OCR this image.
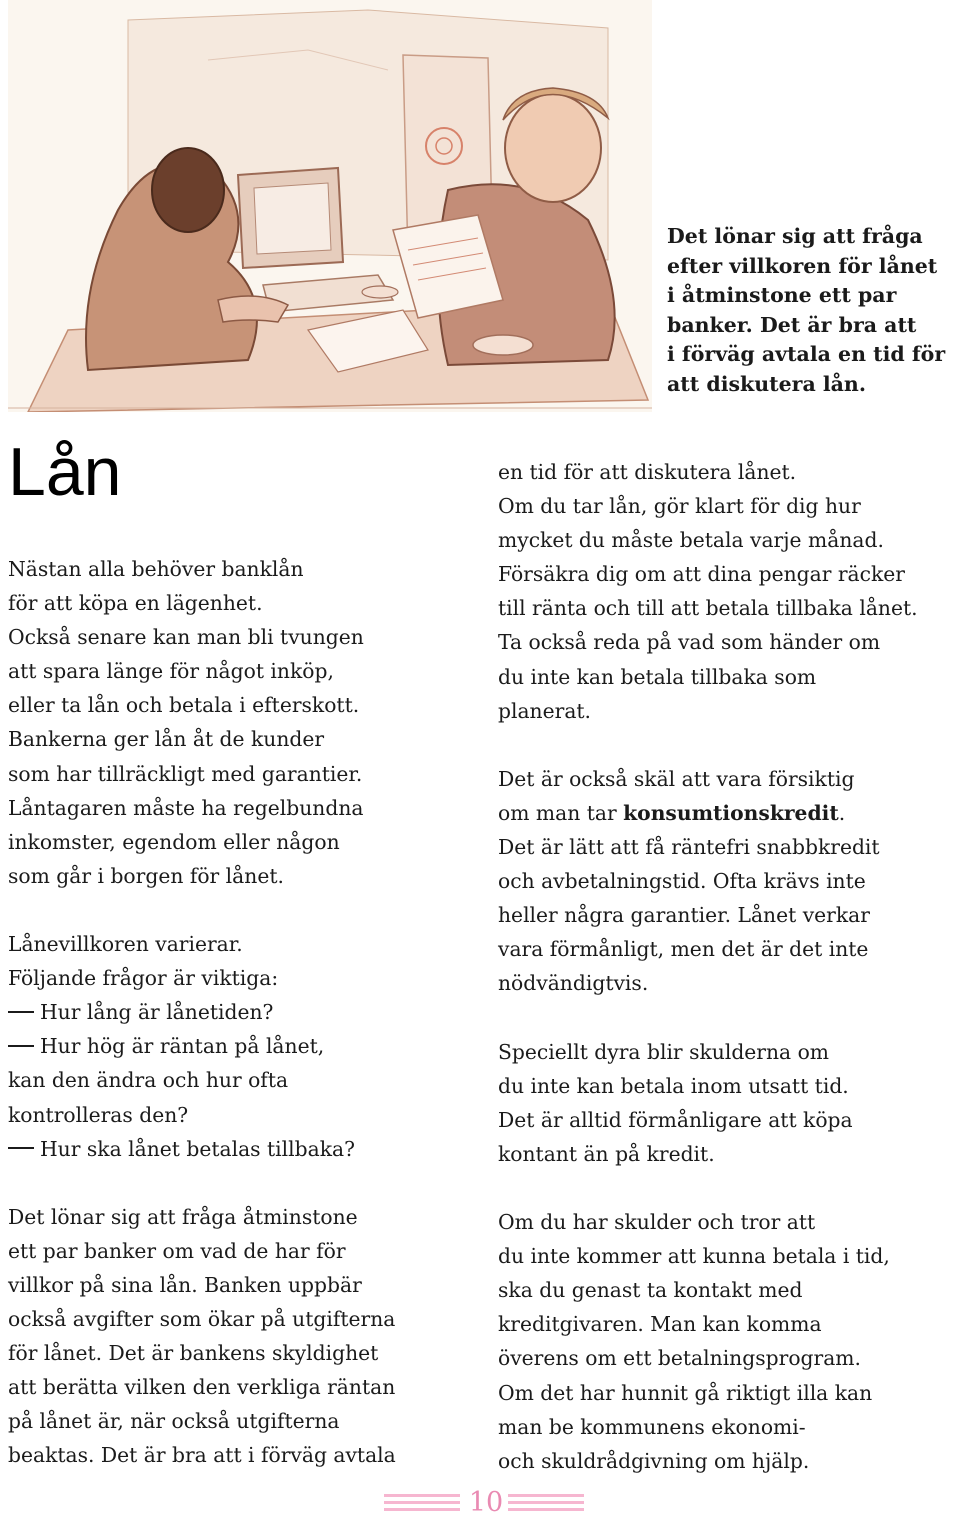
Det lönar sig att fråga
efter villkoren för lånet
i åtminstone ett par
banker. Det är bra att
i förväg avtala en tid för
att diskutera lån.
Lån

Nästan alla behöver banklån
för att köpa en lägenhet.
Också senare kan man bli tvungen
att spara länge för något inköp,
eller ta lån och betala i efterskott.
Bankerna ger lån åt de kunder
som har tillräckligt med garantier.
Låntagaren måste ha regelbundna
inkomster, egendom eller någon
som går i borgen för lånet.

Lånevillkoren varierar.
Följande frågor är viktiga:
Hur lång är lånetiden?
Hur hög är räntan på lånet,
kan den ändra och hur ofta
kontrolleras den?
Hur ska lånet betalas tillbaka?

Det lönar sig att fråga åtminstone
ett par banker om vad de har för
villkor på sina lån. Banken uppbär
också avgifter som ökar på utgifterna
för lånet. Det är bankens skyldighet
att berätta vilken den verkliga räntan
på lånet är, när också utgifterna
beaktas. Det är bra att i förväg avtala

en tid för att diskutera lånet.
Om du tar lån, gör klart för dig hur
mycket du måste betala varje månad.
Försäkra dig om att dina pengar räcker
till ränta och till att betala tillbaka lånet.
Ta också reda på vad som händer om
du inte kan betala tillbaka som
planerat.

Det är också skäl att vara försiktig
om man tar konsumtionskredit.
Det är lätt att få räntefri snabbkredit
och avbetalningstid. Ofta krävs inte
heller några garantier. Lånet verkar
vara förmånligt, men det är det inte
nödvändigtvis.

Speciellt dyra blir skulderna om
du inte kan betala inom utsatt tid.
Det är alltid förmånligare att köpa
kontant än på kredit.

Om du har skulder och tror att
du inte kommer att kunna betala i tid,
ska du genast ta kontakt med
kreditgivaren. Man kan komma
överens om ett betalningsprogram.
Om det har hunnit gå riktigt illa kan
man be kommunens ekonomi-
och skuldrådgivning om hjälp.

10
